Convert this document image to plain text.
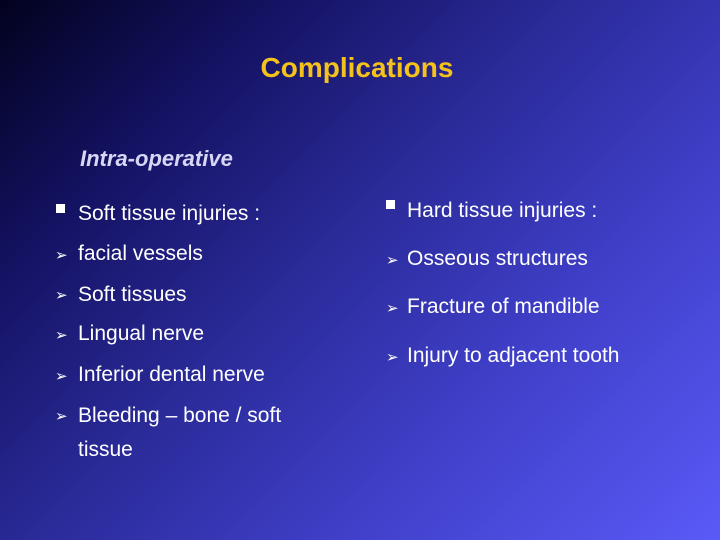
Complications
Intra-operative
Soft tissue injuries :
➢ facial vessels
➢ Soft tissues
➢ Lingual nerve
➢ Inferior dental nerve
➢ Bleeding – bone / soft
tissue
Hard tissue injuries :
➢ Osseous structures
➢ Fracture of mandible
➢ Injury to adjacent tooth
